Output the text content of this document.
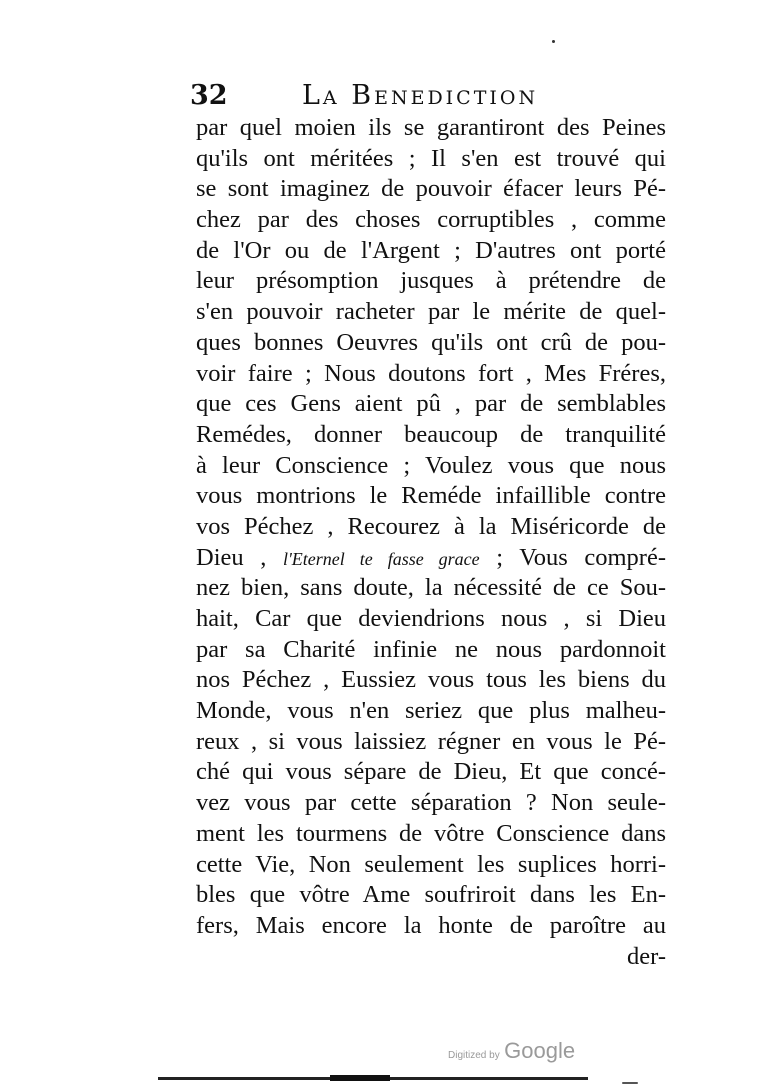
32	La Benediction
par quel moien ils se garantiront des Peines
qu'ils ont méritées ; Il s'en est trouvé qui
se sont imaginez de pouvoir éfacer leurs Pé-
chez par des choses corruptibles , comme
de l'Or ou de l'Argent ; D'autres ont porté
leur présomption jusques à prétendre de
s'en pouvoir racheter par le mérite de quel-
ques bonnes Oeuvres qu'ils ont crû de pou-
voir faire ; Nous doutons fort , Mes Fréres,
que ces Gens aient pû , par de semblables
Remédes, donner beaucoup de tranquilité
à leur Conscience ; Voulez vous que nous
vous montrions le Reméde infaillible contre
vos Péchez , Recourez à la Miséricorde de
Dieu , l'Eternel te fasse grace ; Vous compré-
nez bien, sans doute, la nécessité de ce Sou-
hait, Car que deviendrions nous , si Dieu
par sa Charité infinie ne nous pardonnoit
nos Péchez , Eussiez vous tous les biens du
Monde, vous n'en seriez que plus malheu-
reux , si vous laissiez régner en vous le Pé-
ché qui vous sépare de Dieu, Et que concé-
vez vous par cette séparation ? Non seule-
ment les tourmens de vôtre Conscience dans
cette Vie, Non seulement les suplices horri-
bles que vôtre Ame soufriroit dans les En-
fers, Mais encore la honte de paroître au
der-
Digitized by Google
